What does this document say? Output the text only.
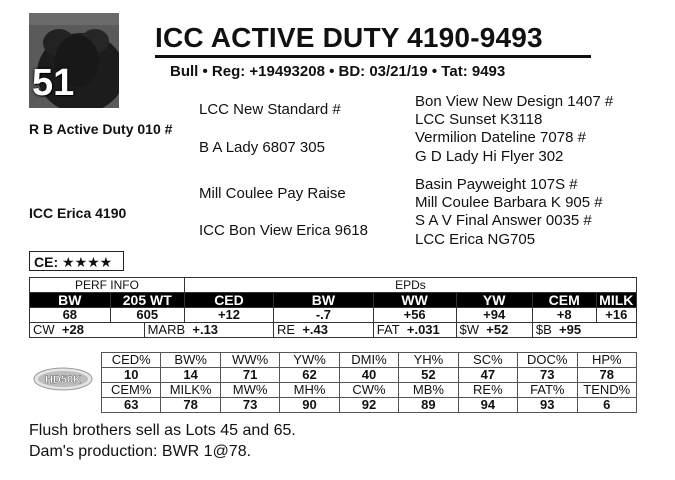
51
ICC ACTIVE DUTY 4190-9493
Bull • Reg: +19493208 • BD: 03/21/19 • Tat: 9493
R B Active Duty 010 #
LCC New Standard #
B A Lady 6807 305
Bon View New Design 1407 #
LCC Sunset K3118
Vermilion Dateline 7078 #
G D Lady Hi Flyer 302
ICC Erica 4190
Mill Coulee Pay Raise
ICC Bon View Erica 9618
Basin Payweight 107S #
Mill Coulee Barbara K 905 #
S A V Final Answer 0035 #
LCC Erica NG705
CE: ★★★★
PERF INFO			EPDs					
BW	205 WT		CED	BW	WW	YW	CEM	MILK
68	605		+12	-.7	+56	+94	+8	+16
CW +28		MARB +.13		RE +.43	FAT +.031	$W +52	$B +95	
HD50K
CED%	BW%	WW%	YW%	DMI%	YH%	SC%	DOC%	HP%
10	14	71	62	40	52	47	73	78
CEM%	MILK%	MW%	MH%	CW%	MB%	RE%	FAT%	TEND%
63	78	73	90	92	89	94	93	6
Flush brothers sell as Lots 45 and 65.
Dam's production: BWR 1@78.
